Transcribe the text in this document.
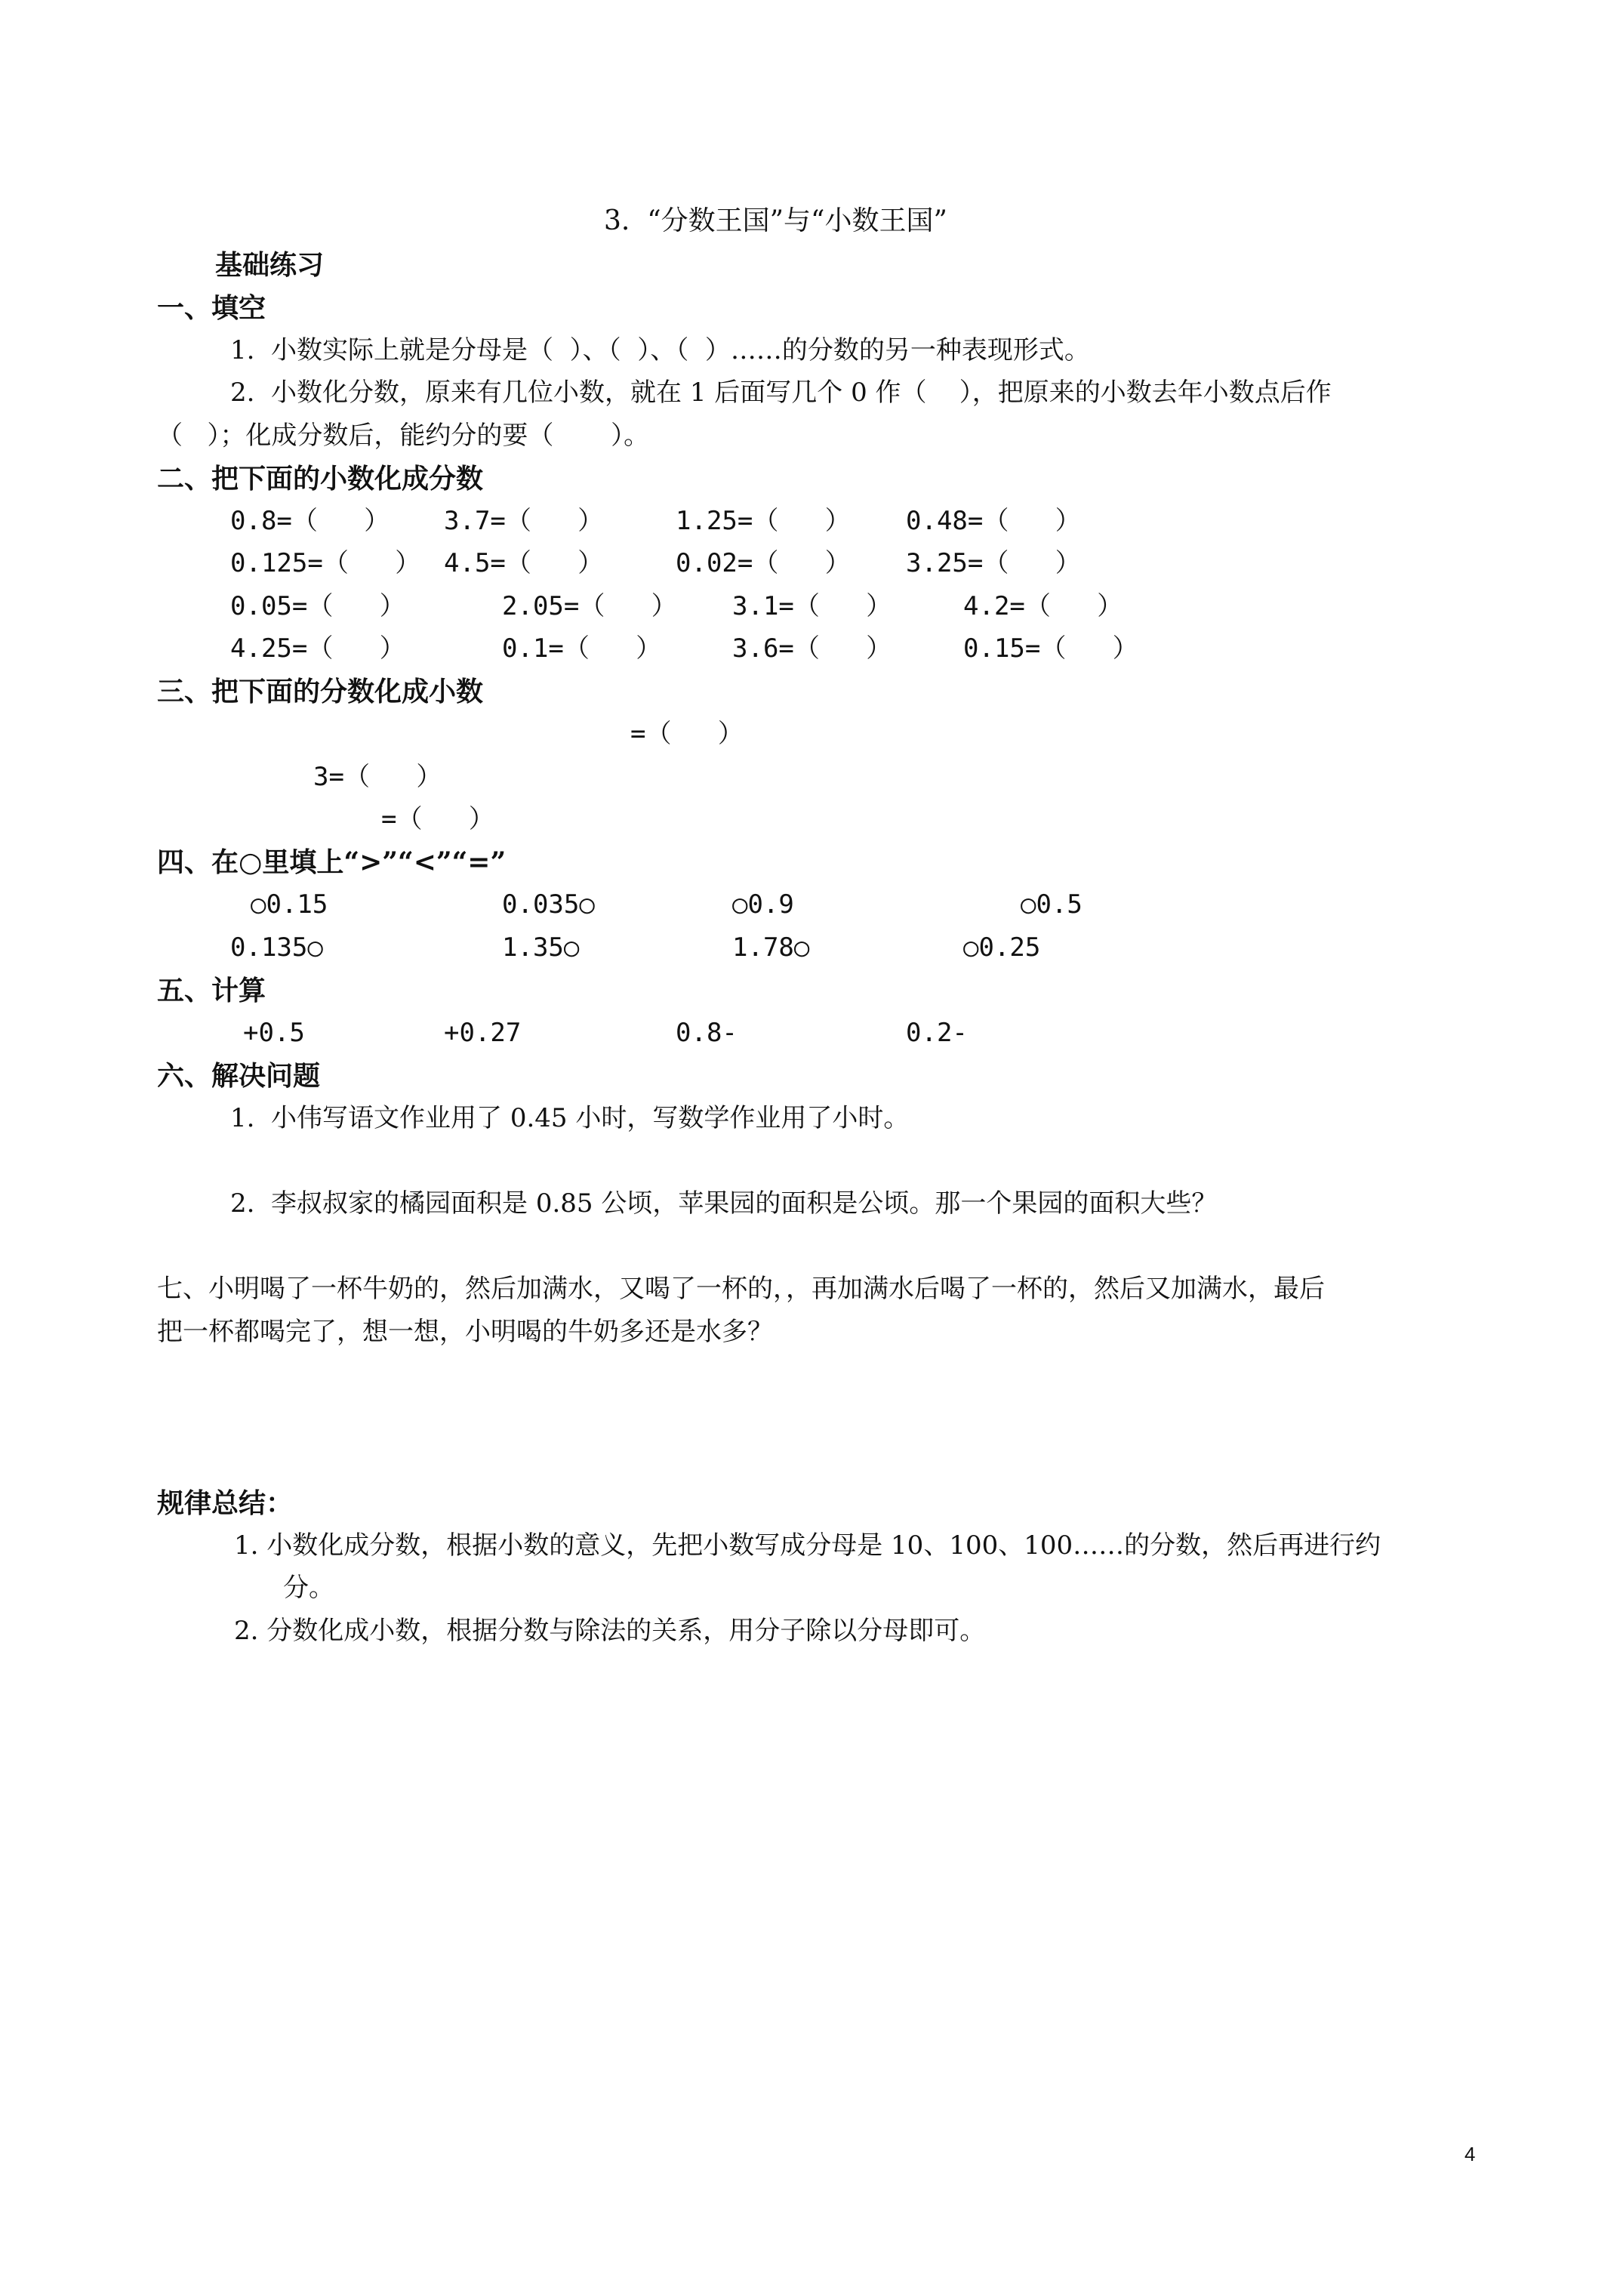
3.  “分数王国”与“小数王国”
基础练习
一、填空
1.  小数实际上就是分母是（  ）、（  ）、（  ）……的分数的另一种表现形式。
2.  小数化分数，原来有几位小数，就在 1 后面写几个 0 作（    ），把原来的小数去年小数点后作
（   ）；化成分数后，能约分的要（       ）。
二、把下面的小数化成分数
0.8=（   ） 3.7=（   ）	1.25=（   ） 0.48=（   ）
0.125=（   ） 4.5=（   ）	0.02=（   ） 3.25=（   ）
0.05=（   ）	2.05=（   ） 3.1=（   ）	4.2=（   ）
4.25=（   ）	0.1=（   ）	3.6=（   ）	0.15=（   ）
三、把下面的分数化成小数
=（   ）
3=（   ）
=（   ）
四、在○里填上“>”“<”“=”
○0.15	0.035○	○0.9	○0.5
0.135○	1.35○	1.78○	○0.25
五、计算
+0.5	+0.27	0.8-	0.2-
六、解决问题
1.  小伟写语文作业用了 0.45 小时，写数学作业用了小时。
2.  李叔叔家的橘园面积是 0.85 公顷，苹果园的面积是公顷。那一个果园的面积大些？
七、小明喝了一杯牛奶的，然后加满水，又喝了一杯的，，再加满水后喝了一杯的，然后又加满水，最后
把一杯都喝完了，想一想，小明喝的牛奶多还是水多？
规律总结：
1. 小数化成分数，根据小数的意义，先把小数写成分母是 10、100、100……的分数，然后再进行约
分。
2. 分数化成小数，根据分数与除法的关系，用分子除以分母即可。
4
